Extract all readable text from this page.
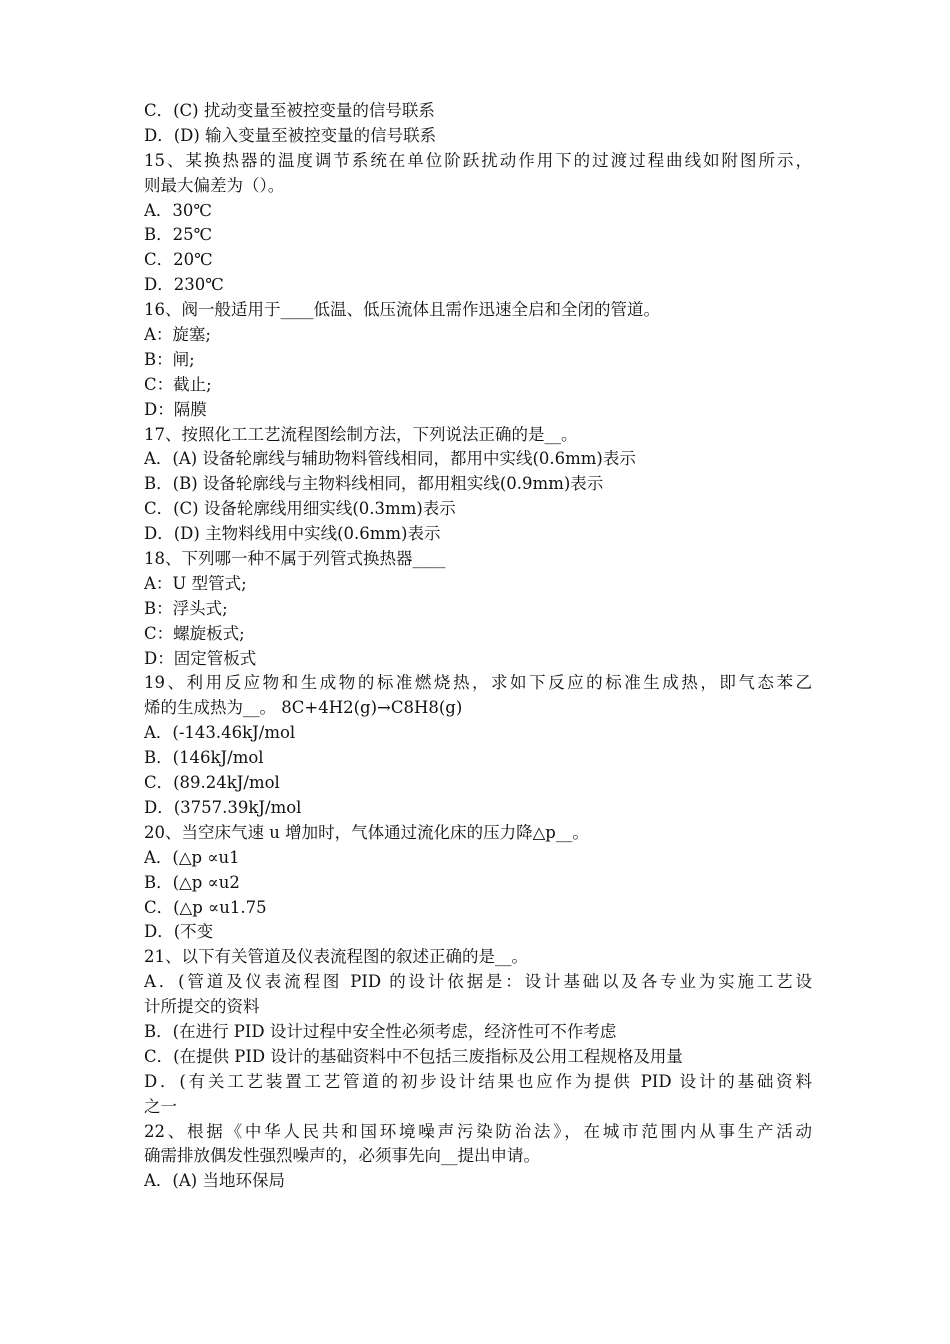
C．(C) 扰动变量至被控变量的信号联系
D．(D) 输入变量至被控变量的信号联系
15、某换热器的温度调节系统在单位阶跃扰动作用下的过渡过程曲线如附图所示，
则最大偏差为（）。
A．30℃
B．25℃
C．20℃
D．230℃
16、阀一般适用于____低温、低压流体且需作迅速全启和全闭的管道。
A：旋塞;
B：闸;
C：截止;
D：隔膜
17、按照化工工艺流程图绘制方法，下列说法正确的是__。
A．(A) 设备轮廓线与辅助物料管线相同，都用中实线(0.6mm)表示
B．(B) 设备轮廓线与主物料线相同，都用粗实线(0.9mm)表示
C．(C) 设备轮廓线用细实线(0.3mm)表示
D．(D) 主物料线用中实线(0.6mm)表示
18、下列哪一种不属于列管式换热器____
A：U 型管式;
B：浮头式;
C：螺旋板式;
D：固定管板式
19、利用反应物和生成物的标准燃烧热，求如下反应的标准生成热，即气态苯乙
烯的生成热为__。 8C+4H2(g)→C8H8(g)
A．(-143.46kJ/mol
B．(146kJ/mol
C．(89.24kJ/mol
D．(3757.39kJ/mol
20、当空床气速 u 增加时，气体通过流化床的压力降△p__。
A．(△p ∝u1
B．(△p ∝u2
C．(△p ∝u1.75
D．(不变
21、以下有关管道及仪表流程图的叙述正确的是__。
A．(管道及仪表流程图 PID 的设计依据是：设计基础以及各专业为实施工艺设
计所提交的资料
B．(在进行 PID 设计过程中安全性必须考虑，经济性可不作考虑
C．(在提供 PID 设计的基础资料中不包括三废指标及公用工程规格及用量
D．(有关工艺装置工艺管道的初步设计结果也应作为提供 PID 设计的基础资料
之一
22、根据《中华人民共和国环境噪声污染防治法》，在城市范围内从事生产活动
确需排放偶发性强烈噪声的，必须事先向__提出申请。
A．(A) 当地环保局
